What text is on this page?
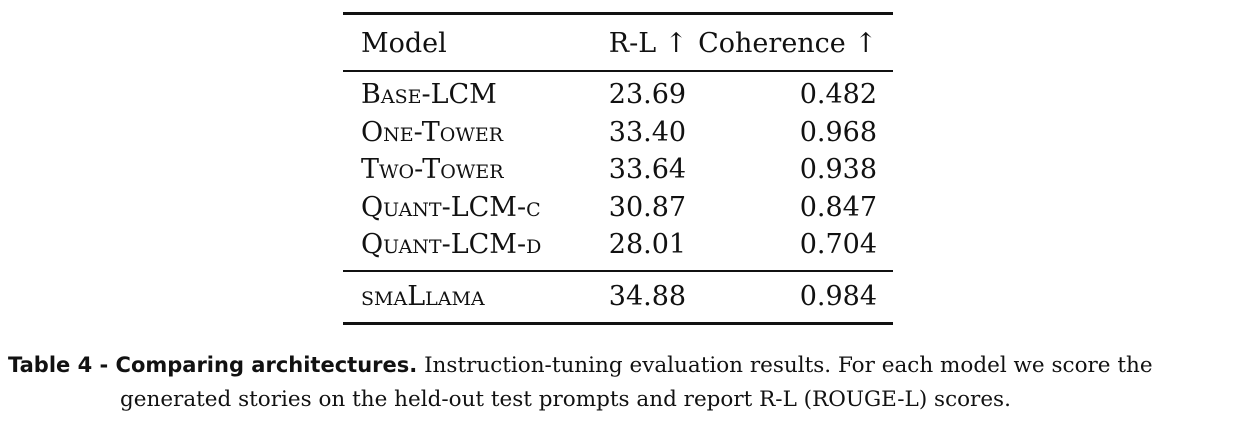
Model	R-L ↑	Coherence ↑
Base-LCM	23.69	0.482
One-Tower	33.40	0.968
Two-Tower	33.64	0.938
Quant-LCM-c	30.87	0.847
Quant-LCM-d	28.01	0.704
smaLlama	34.88	0.984
Table 4 - Comparing architectures. Instruction-tuning evaluation results. For each model we score the
generated stories on the held-out test prompts and report R-L (ROUGE-L) scores.
